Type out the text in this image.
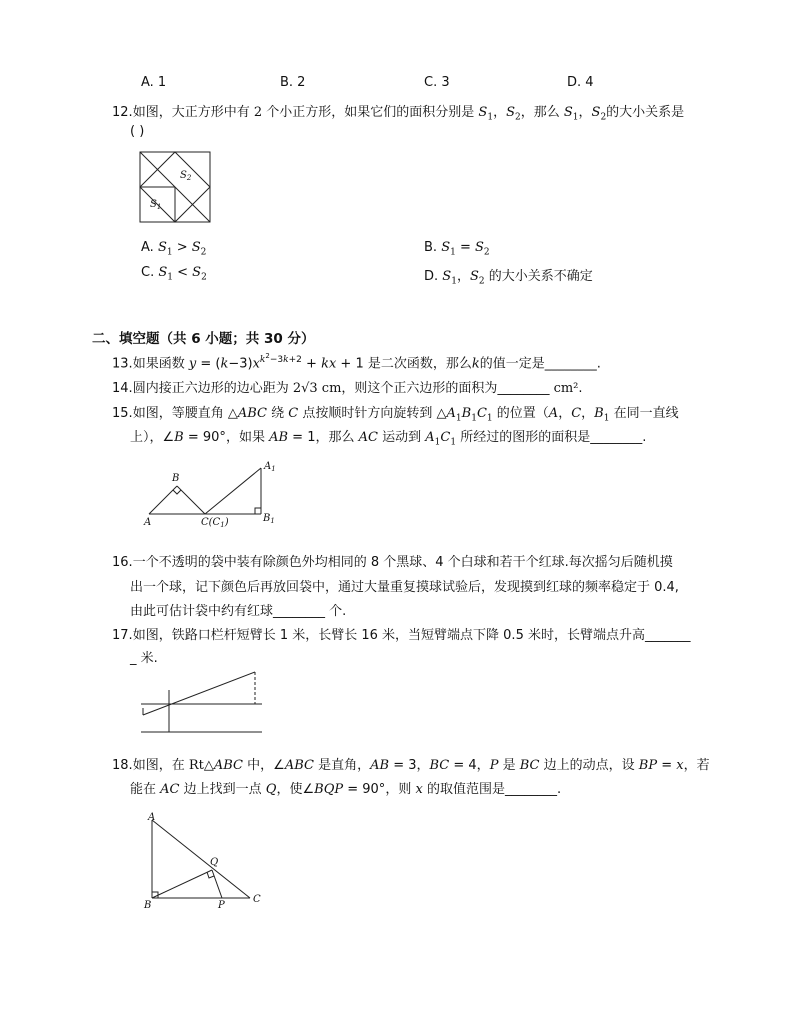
A. 1	B. 2	C. 3	D. 4
12.如图，大正方形中有 2 个小正方形，如果它们的面积分别是 $S_1$，$S_2$，那么 $S_1$，$S_2$的大小关系是
( )
$S_2$
$S_1$
A. $S_1 > S_2$	B. $S_1 = S_2$
C. $S_1 < S_2$	D. $S_1$，$S_2$ 的大小关系不确定
二、填空题（共 6 小题；共 30 分）
13.如果函数 $y = (k-3)x^{k^2-3k+2}$ + kx + 1 是二次函数，那么k的值一定是________.
14.圆内接正六边形的边心距为 2√3 cm，则这个正六边形的面积为________ cm².
15.如图，等腰直角 △ABC 绕 C 点按顺时针方向旋转到 $\triangle A_1B_1C_1$ 的位置（A，C，$B_1$ 在同一直线
上），∠B = 90°，如果 AB = 1，那么 AC 运动到 $A_1C_1$ 所经过的图形的面积是________.
B
A	$C(C_1)$
$A_1$
$B_1$
16.一个不透明的袋中装有除颜色外均相同的 8 个黑球、4 个白球和若干个红球.每次摇匀后随机摸
出一个球，记下颜色后再放回袋中，通过大量重复摸球试验后，发现摸到红球的频率稳定于 0.4,
由此可估计袋中约有红球________ 个.
17.如图，铁路口栏杆短臂长 1 米，长臂长 16 米，当短臂端点下降 0.5 米时，长臂端点升高_______
_ 米.
18.如图，在 Rt△ABC 中，∠ABC 是直角，AB = 3，BC = 4，P 是 BC 边上的动点，设 BP = x，若
能在 AC 边上找到一点 Q，使∠BQP = 90°，则 x 的取值范围是________.
A
B
C
P
Q
